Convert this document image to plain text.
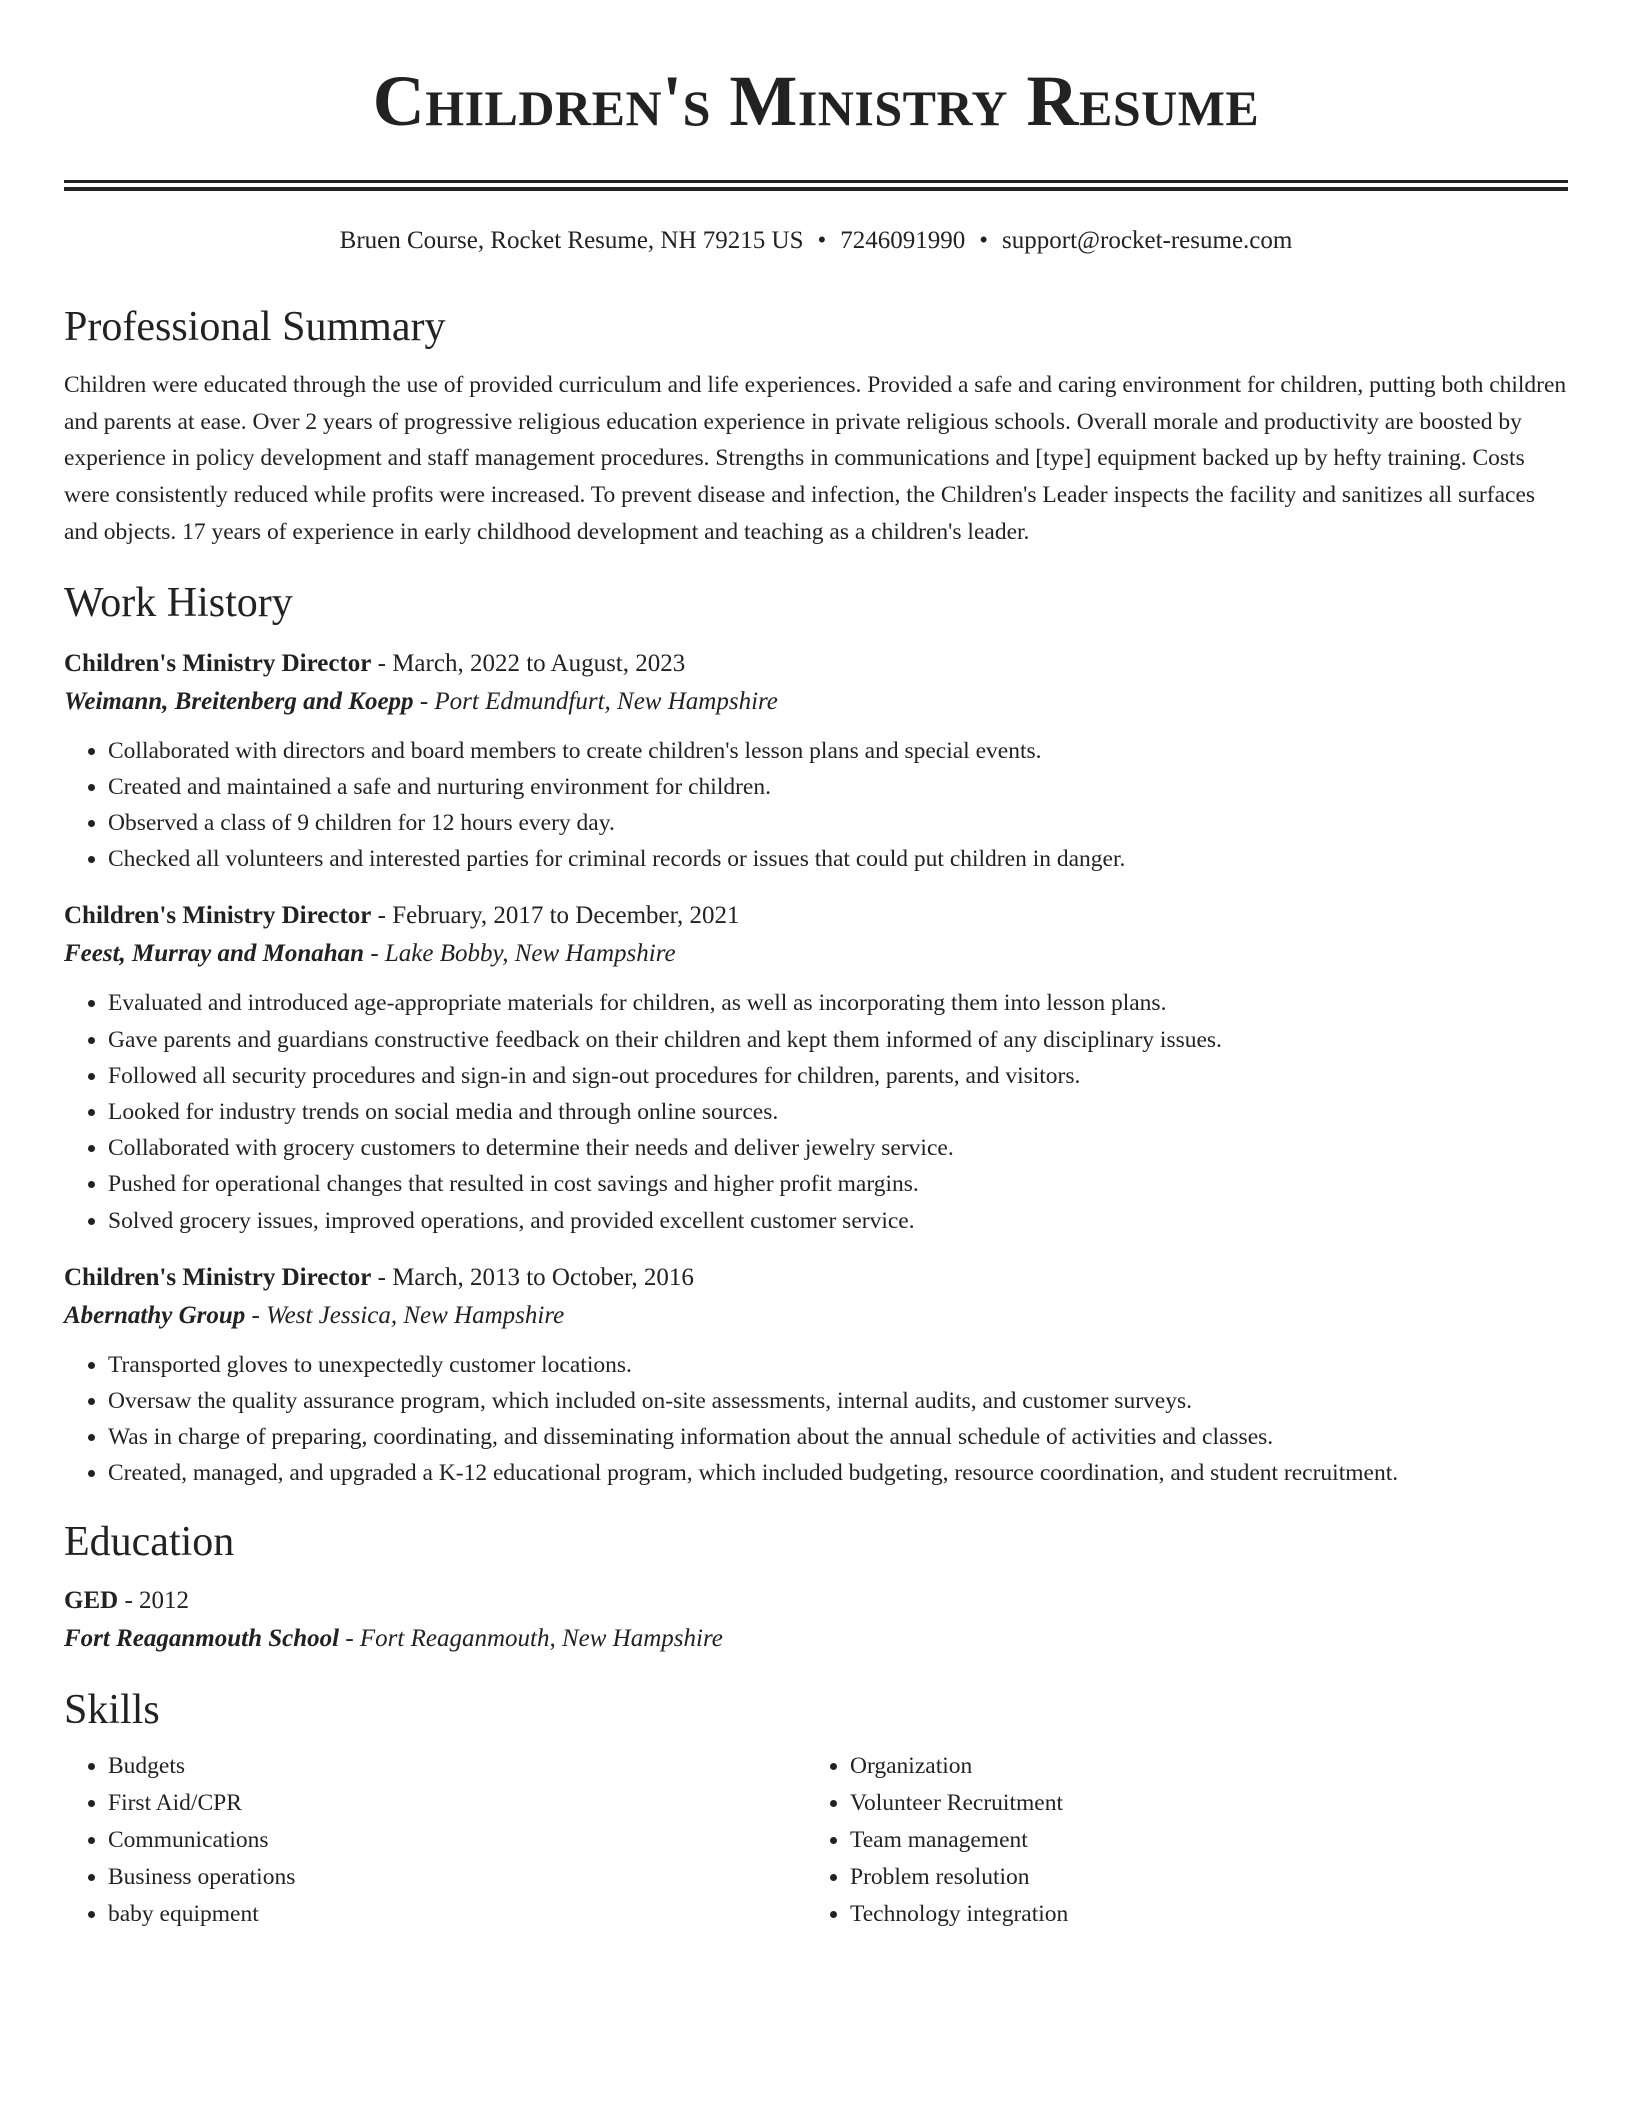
Children's Ministry Resume
Bruen Course, Rocket Resume, NH 79215 US • 7246091990 • support@rocket-resume.com
Professional Summary

Children were educated through the use of provided curriculum and life experiences. Provided a safe and caring environment for children, putting both children and parents at ease. Over 2 years of progressive religious education experience in private religious schools. Overall morale and productivity are boosted by experience in policy development and staff management procedures. Strengths in communications and [type] equipment backed up by hefty training. Costs were consistently reduced while profits were increased. To prevent disease and infection, the Children's Leader inspects the facility and sanitizes all surfaces and objects. 17 years of experience in early childhood development and teaching as a children's leader.

Work History
Children's Ministry Director - March, 2022 to August, 2023
Weimann, Breitenberg and Koepp - Port Edmundfurt, New Hampshire
• Collaborated with directors and board members to create children's lesson plans and special events.
• Created and maintained a safe and nurturing environment for children.
• Observed a class of 9 children for 12 hours every day.
• Checked all volunteers and interested parties for criminal records or issues that could put children in danger.
Children's Ministry Director - February, 2017 to December, 2021
Feest, Murray and Monahan - Lake Bobby, New Hampshire
• Evaluated and introduced age-appropriate materials for children, as well as incorporating them into lesson plans.
• Gave parents and guardians constructive feedback on their children and kept them informed of any disciplinary issues.
• Followed all security procedures and sign-in and sign-out procedures for children, parents, and visitors.
• Looked for industry trends on social media and through online sources.
• Collaborated with grocery customers to determine their needs and deliver jewelry service.
• Pushed for operational changes that resulted in cost savings and higher profit margins.
• Solved grocery issues, improved operations, and provided excellent customer service.
Children's Ministry Director - March, 2013 to October, 2016
Abernathy Group - West Jessica, New Hampshire
• Transported gloves to unexpectedly customer locations.
• Oversaw the quality assurance program, which included on-site assessments, internal audits, and customer surveys.
• Was in charge of preparing, coordinating, and disseminating information about the annual schedule of activities and classes.
• Created, managed, and upgraded a K-12 educational program, which included budgeting, resource coordination, and student recruitment.
Education
GED - 2012
Fort Reaganmouth School - Fort Reaganmouth, New Hampshire
Skills
• Budgets
• First Aid/CPR
• Communications
• Business operations
• baby equipment
• Organization
• Volunteer Recruitment
• Team management
• Problem resolution
• Technology integration
